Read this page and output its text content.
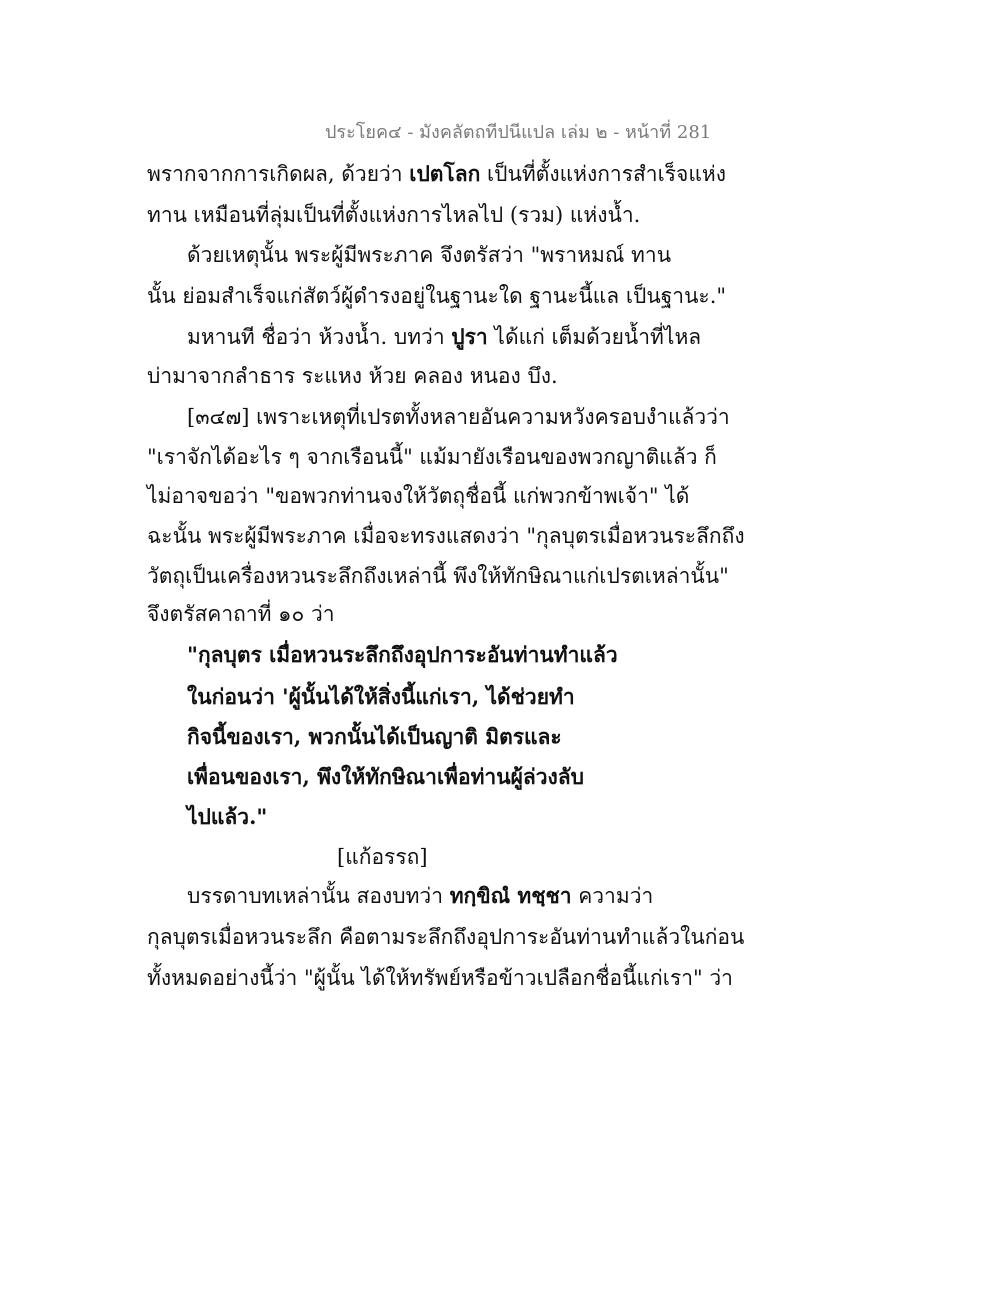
ประโยค๔ - มังคลัตถทีปนีแปล เล่ม ๒ - หน้าที่ 281
พรากจากการเกิดผล, ด้วยว่า เปตโลก เป็นที่ตั้งแห่งการสำเร็จแห่ง
ทาน เหมือนที่ลุ่มเป็นที่ตั้งแห่งการไหลไป (รวม) แห่งน้ำ.
ด้วยเหตุนั้น พระผู้มีพระภาค จึงตรัสว่า "พราหมณ์ ทาน
นั้น ย่อมสำเร็จแก่สัตว์ผู้ดำรงอยู่ในฐานะใด ฐานะนี้แล เป็นฐานะ."
มหานที ชื่อว่า ห้วงน้ำ. บทว่า ปูรา ได้แก่ เต็มด้วยน้ำที่ไหล
บ่ามาจากลำธาร ระแหง ห้วย คลอง หนอง บึง.
[๓๔๗] เพราะเหตุที่เปรตทั้งหลายอันความหวังครอบงำแล้วว่า
"เราจักได้อะไร ๆ จากเรือนนี้" แม้มายังเรือนของพวกญาติแล้ว ก็
ไม่อาจขอว่า "ขอพวกท่านจงให้วัตถุชื่อนี้ แก่พวกข้าพเจ้า" ได้
ฉะนั้น พระผู้มีพระภาค เมื่อจะทรงแสดงว่า "กุลบุตรเมื่อหวนระลึกถึง
วัตถุเป็นเครื่องหวนระลึกถึงเหล่านี้ พึงให้ทักษิณาแก่เปรตเหล่านั้น"
จึงตรัสคาถาที่ ๑๐ ว่า
"กุลบุตร เมื่อหวนระลึกถึงอุปการะอันท่านทำแล้ว
ในก่อนว่า 'ผู้นั้นได้ให้สิ่งนี้แก่เรา, ได้ช่วยทำ
กิจนี้ของเรา, พวกนั้นได้เป็นญาติ มิตรและ
เพื่อนของเรา, พึงให้ทักษิณาเพื่อท่านผู้ล่วงลับ
ไปแล้ว."
[แก้อรรถ]
บรรดาบทเหล่านั้น สองบทว่า ทกฺขิณํ ทชฺชา ความว่า
กุลบุตรเมื่อหวนระลึก คือตามระลึกถึงอุปการะอันท่านทำแล้วในก่อน
ทั้งหมดอย่างนี้ว่า "ผู้นั้น ได้ให้ทรัพย์หรือข้าวเปลือกชื่อนี้แก่เรา" ว่า
